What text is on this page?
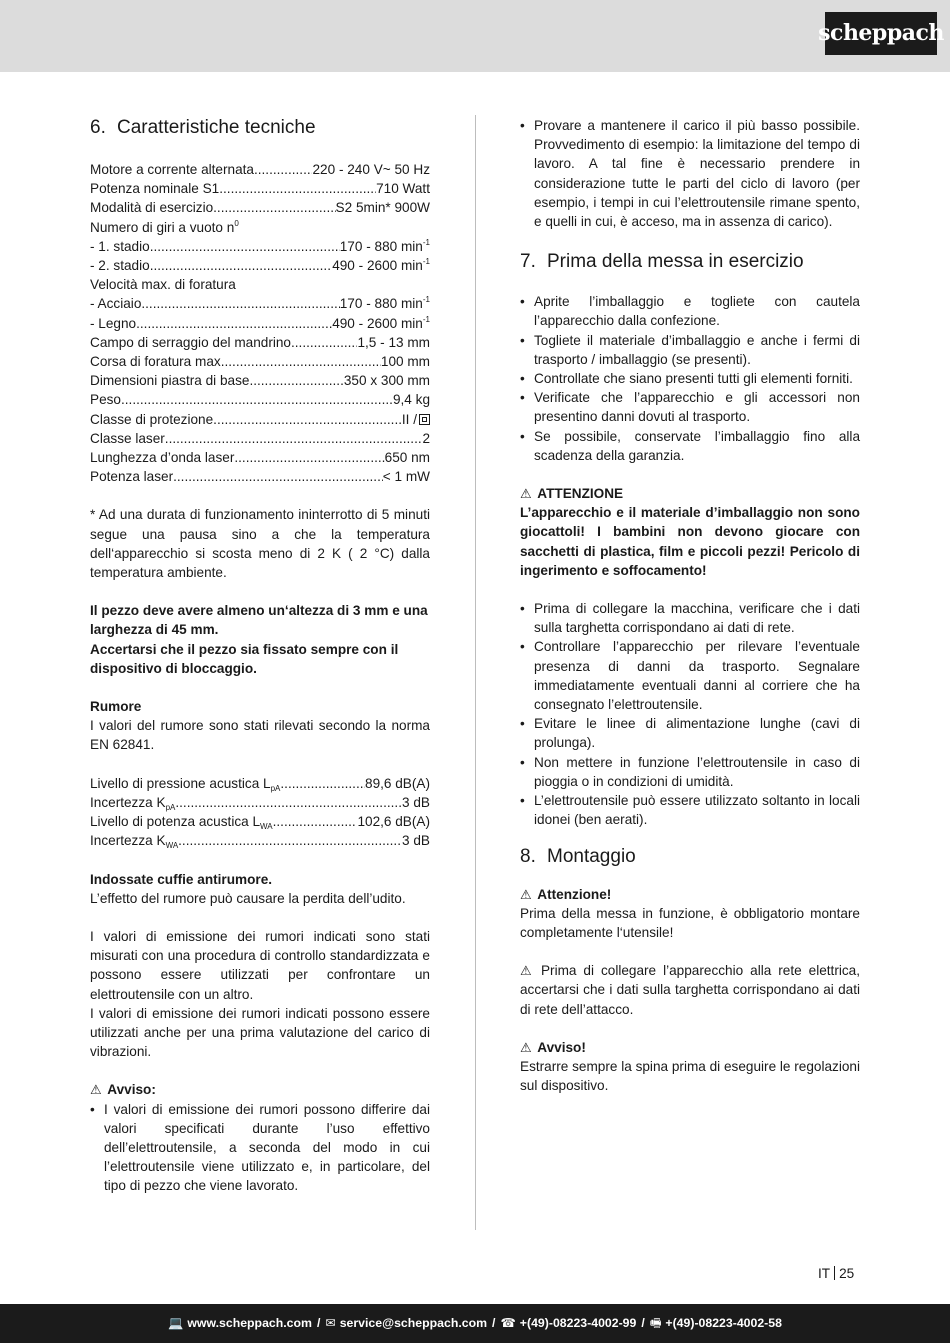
scheppach
6. Caratteristiche tecniche
Motore a corrente alternata .....	220 - 240 V~ 50 Hz
Potenza nominale S1 .....	710 Watt
Modalità di esercizio .....	S2 5min* 900W
Numero di giri a vuoto $n^0$
- 1. stadio .....	170 - 880 $\min^{-1}$
- 2. stadio .....	490 - 2600 $\min^{-1}$
Velocità max. di foratura
- Acciaio .....	170 - 880 $\min^{-1}$
- Legno .....	490 - 2600 $\min^{-1}$
Campo di serraggio del mandrino .....	1,5 - 13 mm
Corsa di foratura max. .....	100 mm
Dimensioni piastra di base .....	350 x 300 mm
Peso .....	9,4 kg
Classe di protezione .....	II /
Classe laser .....	2
Lunghezza d’onda laser .....	650 nm
Potenza laser .....	< 1 mW

* Ad una durata di funzionamento ininterrotto di 5 minuti segue una pausa sino a che la temperatura dell‘apparecchio si scosta meno di 2 K ( 2 °C) dalla temperatura ambiente.

Il pezzo deve avere almeno un‘altezza di 3 mm e una larghezza di 45 mm.

Accertarsi che il pezzo sia fissato sempre con il dispositivo di bloccaggio.

Rumore

I valori del rumore sono stati rilevati secondo la norma EN 62841.

Livello di pressione acustica $L_{pA}$ .....	89,6 dB(A)
Incertezza $K_{pA}$ .....	3 dB
Livello di potenza acustica $L_{WA}$ .....	102,6 dB(A)
Incertezza $K_{WA}$ .....	3 dB

Indossate cuffie antirumore.

L’effetto del rumore può causare la perdita dell’udito.

I valori di emissione dei rumori indicati sono stati misurati con una procedura di controllo standardizzata e possono essere utilizzati per confrontare un elettroutensile con un altro.

I valori di emissione dei rumori indicati possono essere utilizzati anche per una prima valutazione del carico di vibrazioni.

⚠ Avviso:

• I valori di emissione dei rumori possono differire dai valori specificati durante l’uso effettivo dell’elettroutensile, a seconda del modo in cui l’elettroutensile viene utilizzato e, in particolare, del tipo di pezzo che viene lavorato.
• Provare a mantenere il carico il più basso possibile. Provvedimento di esempio: la limitazione del tempo di lavoro. A tal fine è necessario prendere in considerazione tutte le parti del ciclo di lavoro (per esempio, i tempi in cui l’elettroutensile rimane spento, e quelli in cui, è acceso, ma in assenza di carico).
7. Prima della messa in esercizio
• Aprite l’imballaggio e togliete con cautela l’apparecchio dalla confezione.
• Togliete il materiale d’imballaggio e anche i fermi di trasporto / imballaggio (se presenti).
• Controllate che siano presenti tutti gli elementi forniti.
• Verificate che l’apparecchio e gli accessori non presentino danni dovuti al trasporto.
• Se possibile, conservate l’imballaggio fino alla scadenza della garanzia.

⚠ ATTENZIONE

L’apparecchio e il materiale d’imballaggio non sono giocattoli! I bambini non devono giocare con sacchetti di plastica, film e piccoli pezzi! Pericolo di ingerimento e soffocamento!

• Prima di collegare la macchina, verificare che i dati sulla targhetta corrispondano ai dati di rete.
• Controllare l’apparecchio per rilevare l’eventuale presenza di danni da trasporto. Segnalare immediatamente eventuali danni al corriere che ha consegnato l’elettroutensile.
• Evitare le linee di alimentazione lunghe (cavi di prolunga).
• Non mettere in funzione l’elettroutensile in caso di pioggia o in condizioni di umidità.
• L’elettroutensile può essere utilizzato soltanto in locali idonei (ben aerati).
8. Montaggio

⚠ Attenzione!

Prima della messa in funzione, è obbligatorio montare completamente l‘utensile!

⚠ Prima di collegare l’apparecchio alla rete elettrica, accertarsi che i dati sulla targhetta corrispondano ai dati di rete dell’attacco.

⚠ Avviso!

Estrarre sempre la spina prima di eseguire le regolazioni sul dispositivo.

IT 25
💻 www.scheppach.com / ✉ service@scheppach.com / ☎ +(49)-08223-4002-99 / 🖷 +(49)-08223-4002-58
